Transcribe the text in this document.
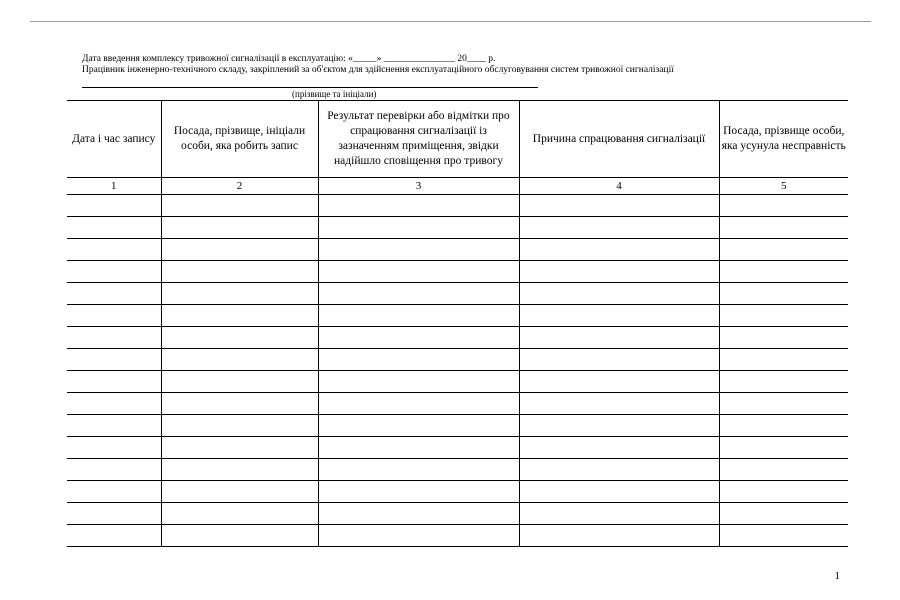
Дата введення комплексу тривожної сигналізації в експлуатацію: «_____» _______________ 20____ р.
Працівник інженерно-технічного складу, закріплений за об'єктом для здійснення експлуатаційного обслуговування систем тривожної сигналізації
(прізвище та ініціали)
Дата і час запису	Посада, прізвище, ініціали особи, яка робить запис	Результат перевірки або відмітки про спрацювання сигналізації із зазначенням приміщення, звідки надійшло сповіщення про тривогу	Причина спрацювання сигналізації	Посада, прізвище особи, яка усунула несправність
1	2	3	4	5

1
